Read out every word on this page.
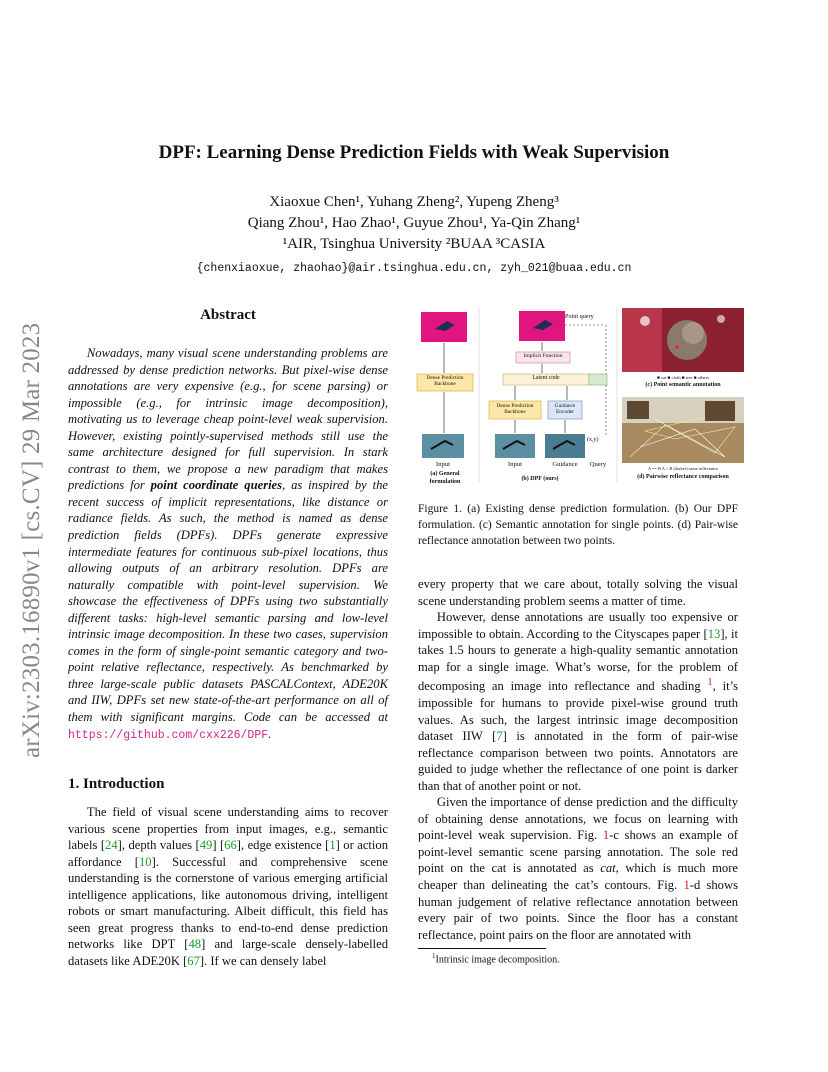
arXiv:2303.16890v1 [cs.CV] 29 Mar 2023
DPF: Learning Dense Prediction Fields with Weak Supervision
Xiaoxue Chen¹, Yuhang Zheng², Yupeng Zheng³
Qiang Zhou¹, Hao Zhao¹, Guyue Zhou¹, Ya-Qin Zhang¹
¹AIR, Tsinghua University ²BUAA ³CASIA
{chenxiaoxue, zhaohao}@air.tsinghua.edu.cn, zyh_021@buaa.edu.cn
Abstract
Nowadays, many visual scene understanding problems are addressed by dense prediction networks. But pixel-wise dense annotations are very expensive (e.g., for scene parsing) or impossible (e.g., for intrinsic image decomposition), motivating us to leverage cheap point-level weak supervision. However, existing pointly-supervised methods still use the same architecture designed for full supervision. In stark contrast to them, we propose a new paradigm that makes predictions for point coordinate queries, as inspired by the recent success of implicit representations, like distance or radiance fields. As such, the method is named as dense prediction fields (DPFs). DPFs generate expressive intermediate features for continuous sub-pixel locations, thus allowing outputs of an arbitrary resolution. DPFs are naturally compatible with point-level supervision. We showcase the effectiveness of DPFs using two substantially different tasks: high-level semantic parsing and low-level intrinsic image decomposition. In these two cases, supervision comes in the form of single-point semantic category and two-point relative reflectance, respectively. As benchmarked by three large-scale public datasets PASCALContext, ADE20K and IIW, DPFs set new state-of-the-art performance on all of them with significant margins. Code can be accessed at https://github.com/cxx226/DPF.
1. Introduction

The field of visual scene understanding aims to recover various scene properties from input images, e.g., semantic labels [24], depth values [49] [66], edge existence [1] or action affordance [10]. Successful and comprehensive scene understanding is the cornerstone of various emerging artificial intelligence applications, like autonomous driving, intelligent robots or smart manufacturing. Albeit difficult, this field has seen great progress thanks to end-to-end dense prediction networks like DPT [48] and large-scale densely-labelled datasets like ADE20K [67]. If we can densely label

Point query
Implicit Function
Latent code
Dense Prediction Backbone
Dense Prediction Backbone
Guidance Encoder
(x,y)
Input	Input	Guidance	Query
(a) General formulation	(b) DPF (ours)
■ cat ■ cloth ■ tree ■ others
(c) Point semantic annotation
A == B A < B (darker) same reflectance
(d) Pairwise reflectance comparison
Figure 1. (a) Existing dense prediction formulation. (b) Our DPF formulation. (c) Semantic annotation for single points. (d) Pair-wise reflectance annotation between two points.

every property that we care about, totally solving the visual scene understanding problem seems a matter of time.

However, dense annotations are usually too expensive or impossible to obtain. According to the Cityscapes paper [13], it takes 1.5 hours to generate a high-quality semantic annotation map for a single image. What’s worse, for the problem of decomposing an image into reflectance and shading $^1$, it’s impossible for humans to provide pixel-wise ground truth values. As such, the largest intrinsic image decomposition dataset IIW [7] is annotated in the form of pair-wise reflectance comparison between two points. Annotators are guided to judge whether the reflectance of one point is darker than that of another point or not.

Given the importance of dense prediction and the difficulty of obtaining dense annotations, we focus on learning with point-level weak supervision. Fig. 1-c shows an example of point-level semantic scene parsing annotation. The sole red point on the cat is annotated as cat, which is much more cheaper than delineating the cat’s contours. Fig. 1-d shows human judgement of relative reflectance annotation between every pair of two points. Since the floor has a constant reflectance, point pairs on the floor are annotated with

$^1$Intrinsic image decomposition.
